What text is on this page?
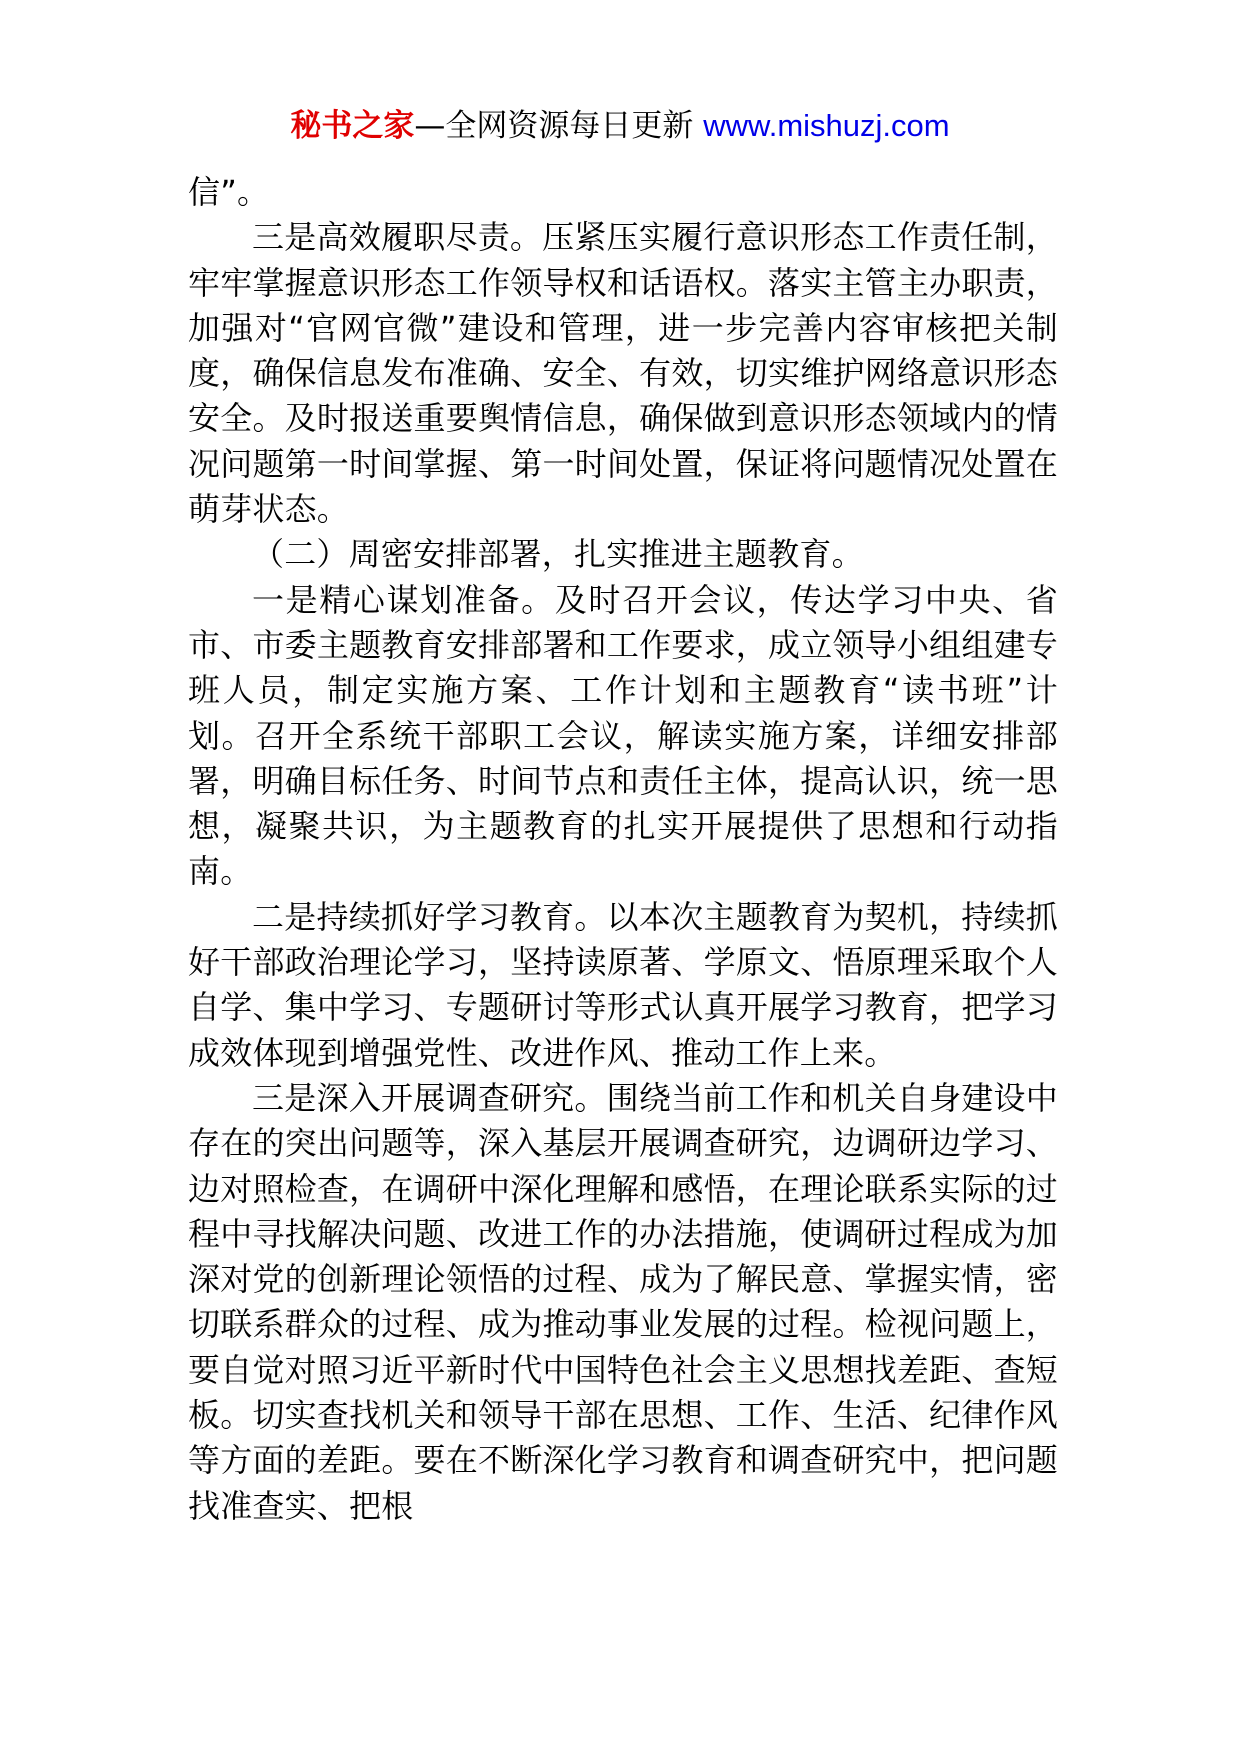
秘书之家—全网资源每日更新 www.mishuzj.com

信”。

三是高效履职尽责。压紧压实履行意识形态工作责任制，牢牢掌握意识形态工作领导权和话语权。落实主管主办职责，加强对“官网官微”建设和管理，进一步完善内容审核把关制度，确保信息发布准确、安全、有效，切实维护网络意识形态安全。及时报送重要舆情信息，确保做到意识形态领域内的情况问题第一时间掌握、第一时间处置，保证将问题情况处置在萌芽状态。

（二）周密安排部署，扎实推进主题教育。

一是精心谋划准备。及时召开会议，传达学习中央、省市、市委主题教育安排部署和工作要求，成立领导小组组建专班人员，制定实施方案、工作计划和主题教育“读书班”计划。召开全系统干部职工会议，解读实施方案，详细安排部署，明确目标任务、时间节点和责任主体，提高认识，统一思想，凝聚共识，为主题教育的扎实开展提供了思想和行动指南。

二是持续抓好学习教育。以本次主题教育为契机，持续抓好干部政治理论学习，坚持读原著、学原文、悟原理采取个人自学、集中学习、专题研讨等形式认真开展学习教育，把学习成效体现到增强党性、改进作风、推动工作上来。

三是深入开展调查研究。围绕当前工作和机关自身建设中存在的突出问题等，深入基层开展调查研究，边调研边学习、边对照检查，在调研中深化理解和感悟，在理论联系实际的过程中寻找解决问题、改进工作的办法措施，使调研过程成为加深对党的创新理论领悟的过程、成为了解民意、掌握实情，密切联系群众的过程、成为推动事业发展的过程。检视问题上，要自觉对照习近平新时代中国特色社会主义思想找差距、查短板。切实查找机关和领导干部在思想、工作、生活、纪律作风等方面的差距。要在不断深化学习教育和调查研究中，把问题找准查实、把根
